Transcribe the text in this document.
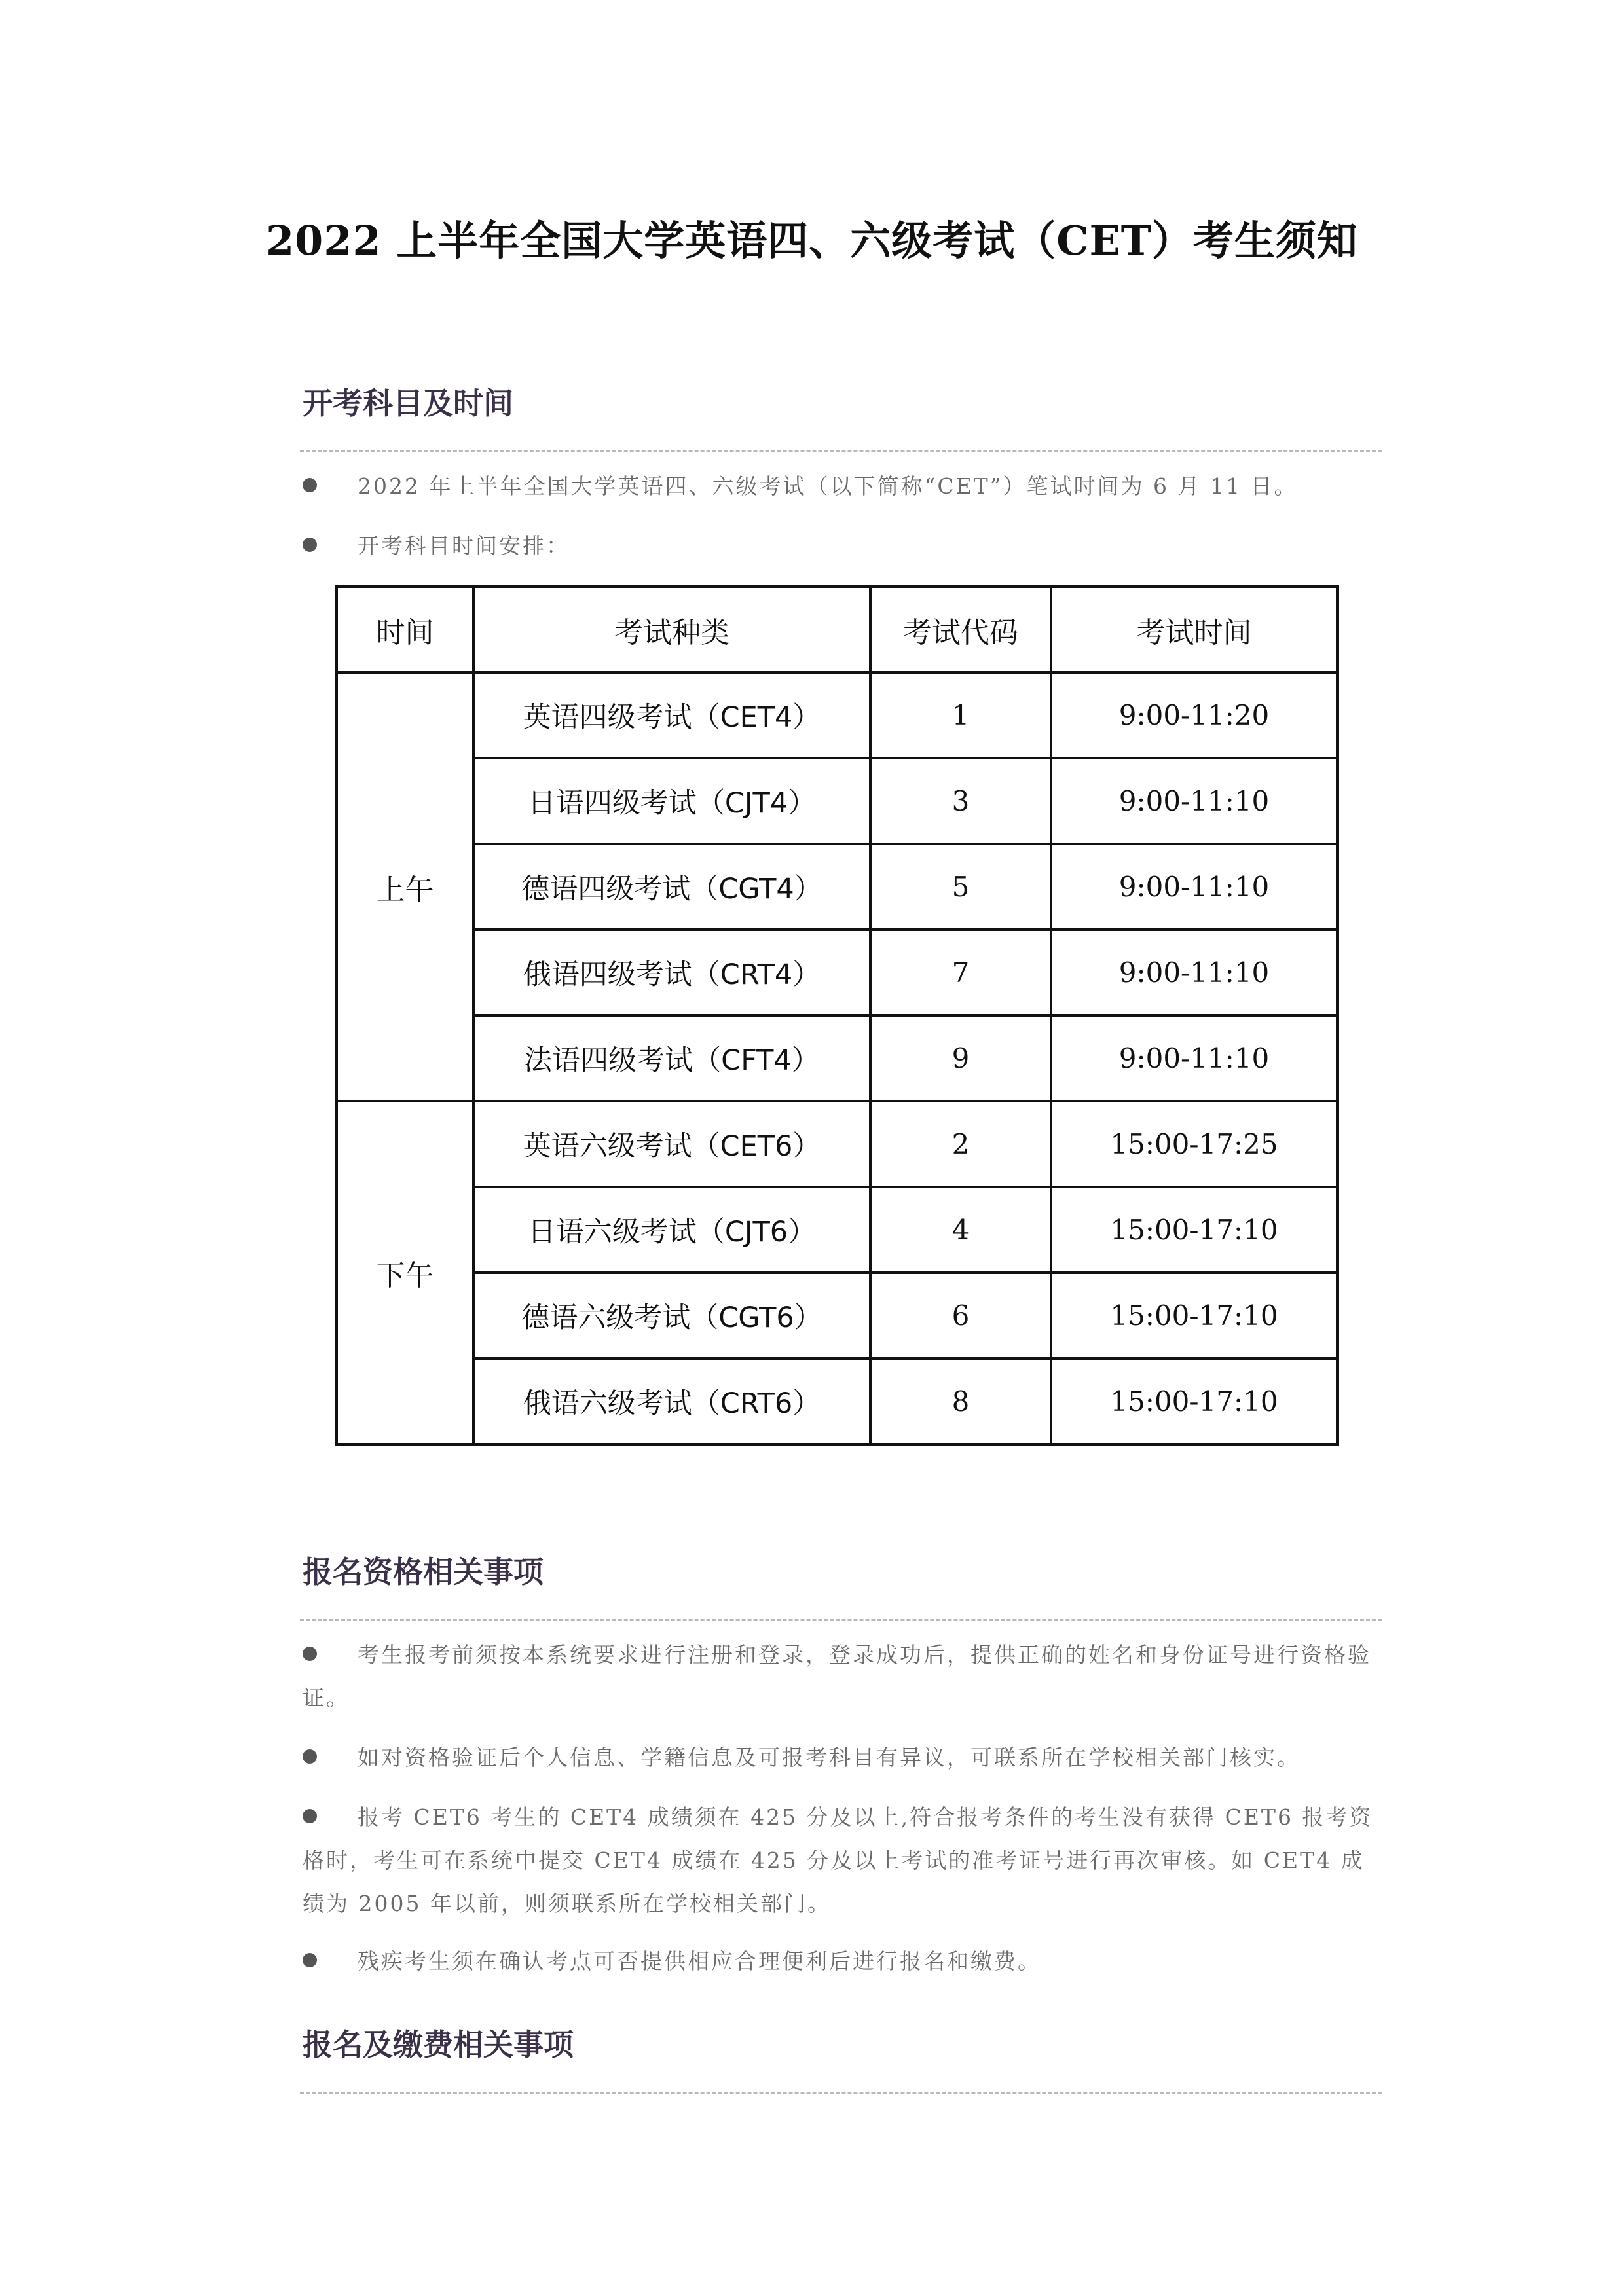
2022 上半年全国大学英语四、六级考试（CET）考生须知
开考科目及时间
2022 年上半年全国大学英语四、六级考试（以下简称“CET”）笔试时间为 6 月 11 日。
开考科目时间安排：
时间	考试种类	考试代码	考试时间
上午	英语四级考试（CET4）	1	9:00-11:20
	日语四级考试（CJT4）	3	9:00-11:10
	德语四级考试（CGT4）	5	9:00-11:10
	俄语四级考试（CRT4）	7	9:00-11:10
	法语四级考试（CFT4）	9	9:00-11:10
下午	英语六级考试（CET6）	2	15:00-17:25
	日语六级考试（CJT6）	4	15:00-17:10
	德语六级考试（CGT6）	6	15:00-17:10
	俄语六级考试（CRT6）	8	15:00-17:10
报名资格相关事项
考生报考前须按本系统要求进行注册和登录，登录成功后，提供正确的姓名和身份证号进行资格验证。
如对资格验证后个人信息、学籍信息及可报考科目有异议，可联系所在学校相关部门核实。
报考 CET6 考生的 CET4 成绩须在 425 分及以上,符合报考条件的考生没有获得 CET6 报考资格时，考生可在系统中提交 CET4 成绩在 425 分及以上考试的准考证号进行再次审核。如 CET4 成绩为 2005 年以前，则须联系所在学校相关部门。
残疾考生须在确认考点可否提供相应合理便利后进行报名和缴费。
报名及缴费相关事项
